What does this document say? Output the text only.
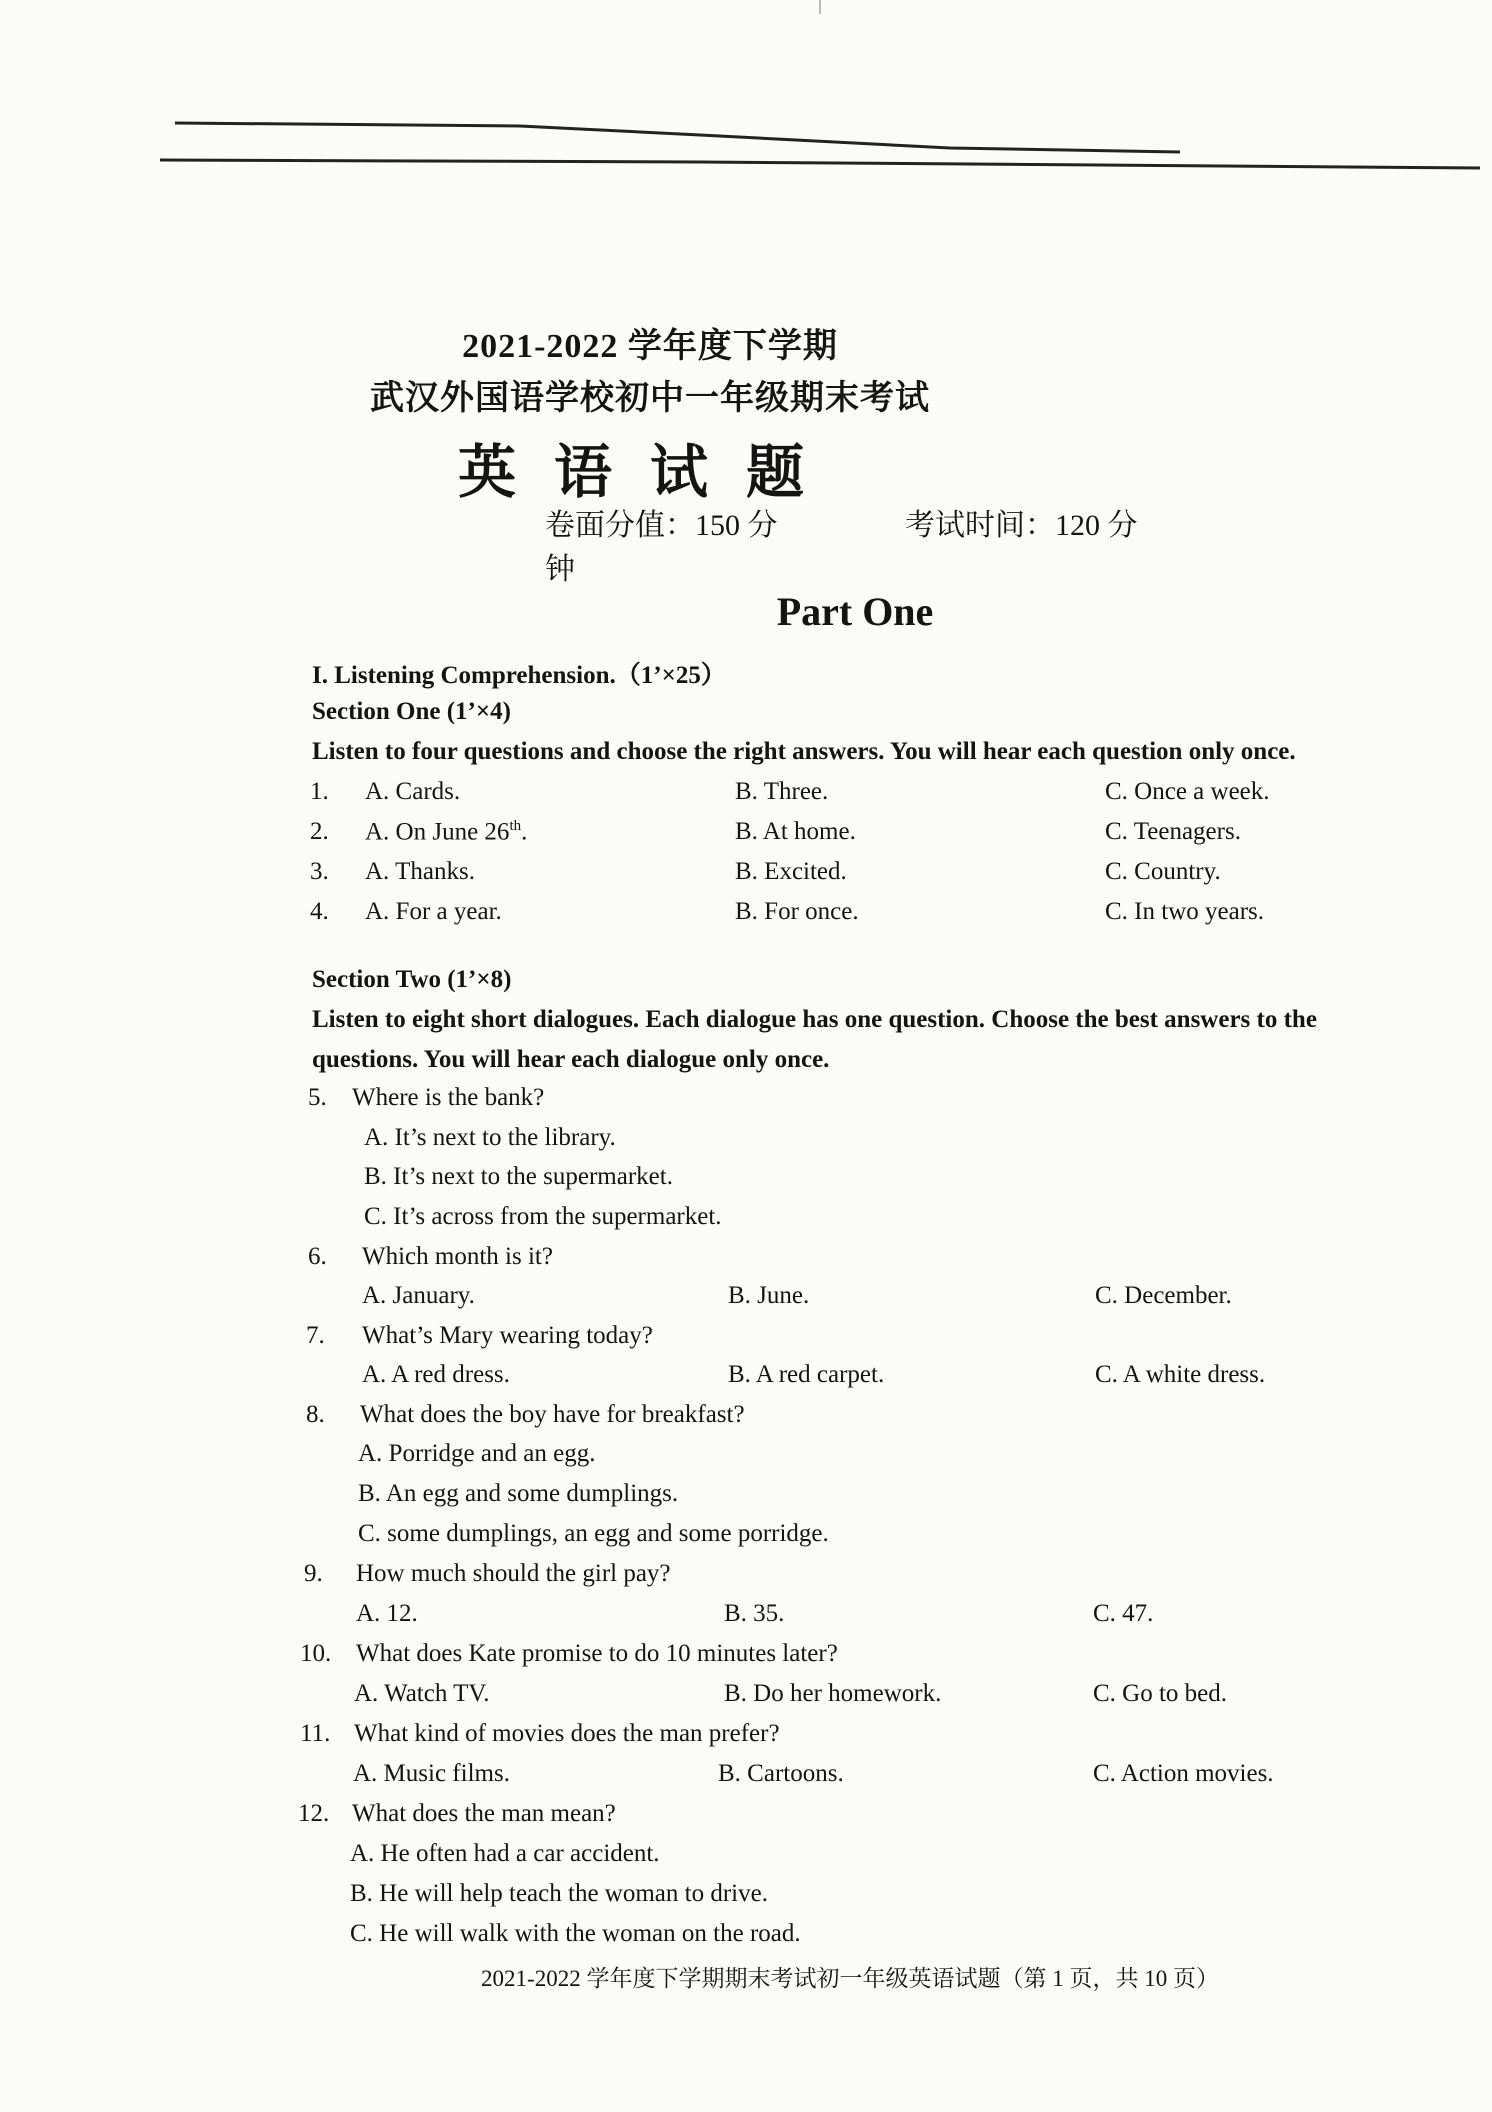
2021-2022 学年度下学期
武汉外国语学校初中一年级期末考试
英语试题
卷面分值：150 分	考试时间：120 分钟
Part One
I. Listening Comprehension.（1’×25）
Section One (1’×4)
Listen to four questions and choose the right answers. You will hear each question only once.
1. A. Cards.	B. Three.	C. Once a week.
2. A. On June 26th.	B. At home.	C. Teenagers.
3. A. Thanks.	B. Excited.	C. Country.
4. A. For a year.	B. For once.	C. In two years.
Section Two (1’×8)
Listen to eight short dialogues. Each dialogue has one question. Choose the best answers to the
questions. You will hear each dialogue only once.
5. Where is the bank?
A. It’s next to the library.
B. It’s next to the supermarket.
C. It’s across from the supermarket.
6. Which month is it?
A. January.	B. June.	C. December.
7. What’s Mary wearing today?
A. A red dress.	B. A red carpet.	C. A white dress.
8. What does the boy have for breakfast?
A. Porridge and an egg.
B. An egg and some dumplings.
C. some dumplings, an egg and some porridge.
9. How much should the girl pay?
A. 12.	B. 35.	C. 47.
10. What does Kate promise to do 10 minutes later?
A. Watch TV.	B. Do her homework.	C. Go to bed.
11. What kind of movies does the man prefer?
A. Music films.	B. Cartoons.	C. Action movies.
12. What does the man mean?
A. He often had a car accident.
B. He will help teach the woman to drive.
C. He will walk with the woman on the road.
2021-2022 学年度下学期期末考试初一年级英语试题（第 1 页，共 10 页）
